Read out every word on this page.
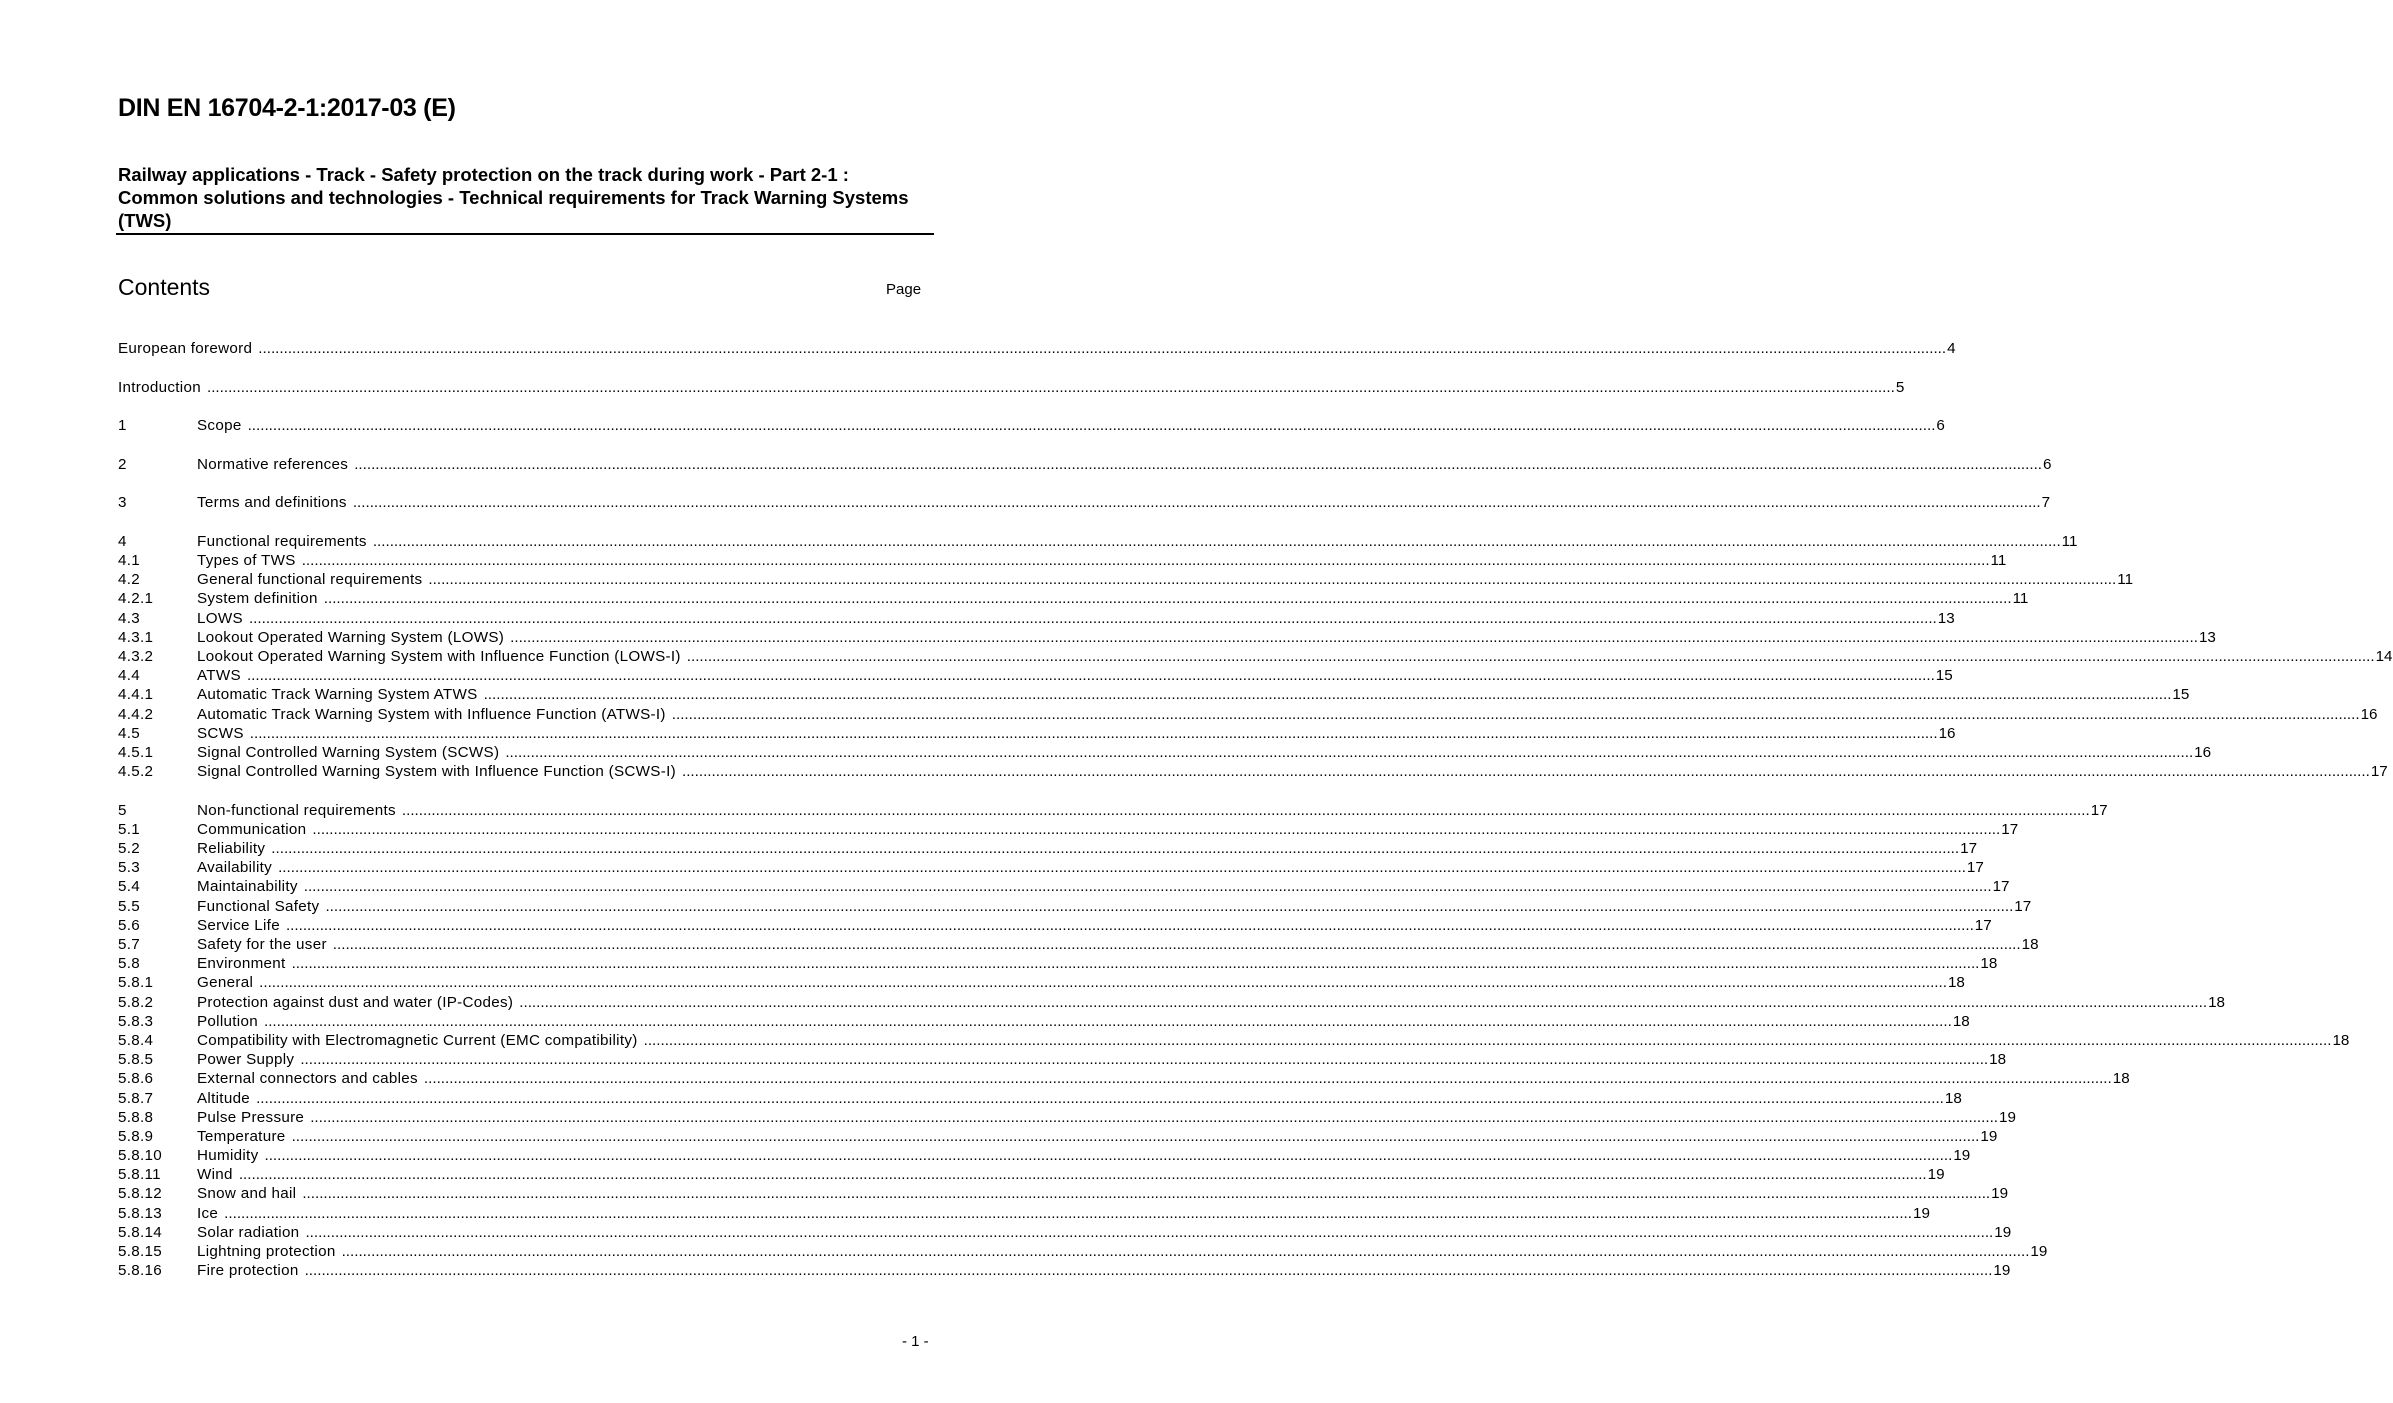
DIN EN 16704-2-1:2017-03 (E)
Railway applications - Track - Safety protection on the track during work - Part 2-1 : Common solutions and technologies - Technical requirements for Track Warning Systems (TWS)
Contents	Page
European foreword ................................................................................................................................................................................................................................................................................................................................................................................................................ 4
Introduction ................................................................................................................................................................................................................................................................................................................................................................................................................ 5
1	Scope ................................................................................................................................................................................................................................................................................................................................................................................................................ 6
2	Normative references ................................................................................................................................................................................................................................................................................................................................................................................................................ 6
3	Terms and definitions ................................................................................................................................................................................................................................................................................................................................................................................................................ 7
4	Functional requirements ................................................................................................................................................................................................................................................................................................................................................................................................................ 11
4.1	Types of TWS ................................................................................................................................................................................................................................................................................................................................................................................................................ 11
4.2	General functional requirements ................................................................................................................................................................................................................................................................................................................................................................................................................ 11
4.2.1	System definition ................................................................................................................................................................................................................................................................................................................................................................................................................ 11
4.3	LOWS ................................................................................................................................................................................................................................................................................................................................................................................................................ 13
4.3.1	Lookout Operated Warning System (LOWS) ................................................................................................................................................................................................................................................................................................................................................................................................................ 13
4.3.2	Lookout Operated Warning System with Influence Function (LOWS-I) ................................................................................................................................................................................................................................................................................................................................................................................................................ 14
4.4	ATWS ................................................................................................................................................................................................................................................................................................................................................................................................................ 15
4.4.1	Automatic Track Warning System ATWS ................................................................................................................................................................................................................................................................................................................................................................................................................ 15
4.4.2	Automatic Track Warning System with Influence Function (ATWS-I) ................................................................................................................................................................................................................................................................................................................................................................................................................ 16
4.5	SCWS ................................................................................................................................................................................................................................................................................................................................................................................................................ 16
4.5.1	Signal Controlled Warning System (SCWS) ................................................................................................................................................................................................................................................................................................................................................................................................................ 16
4.5.2	Signal Controlled Warning System with Influence Function (SCWS-I) ................................................................................................................................................................................................................................................................................................................................................................................................................ 17
5	Non-functional requirements ................................................................................................................................................................................................................................................................................................................................................................................................................ 17
5.1	Communication ................................................................................................................................................................................................................................................................................................................................................................................................................ 17
5.2	Reliability ................................................................................................................................................................................................................................................................................................................................................................................................................ 17
5.3	Availability ................................................................................................................................................................................................................................................................................................................................................................................................................ 17
5.4	Maintainability ................................................................................................................................................................................................................................................................................................................................................................................................................ 17
5.5	Functional Safety ................................................................................................................................................................................................................................................................................................................................................................................................................ 17
5.6	Service Life ................................................................................................................................................................................................................................................................................................................................................................................................................ 17
5.7	Safety for the user ................................................................................................................................................................................................................................................................................................................................................................................................................ 18
5.8	Environment ................................................................................................................................................................................................................................................................................................................................................................................................................ 18
5.8.1	General ................................................................................................................................................................................................................................................................................................................................................................................................................ 18
5.8.2	Protection against dust and water (IP-Codes) ................................................................................................................................................................................................................................................................................................................................................................................................................ 18
5.8.3	Pollution ................................................................................................................................................................................................................................................................................................................................................................................................................ 18
5.8.4	Compatibility with Electromagnetic Current (EMC compatibility) ................................................................................................................................................................................................................................................................................................................................................................................................................ 18
5.8.5	Power Supply ................................................................................................................................................................................................................................................................................................................................................................................................................ 18
5.8.6	External connectors and cables ................................................................................................................................................................................................................................................................................................................................................................................................................ 18
5.8.7	Altitude ................................................................................................................................................................................................................................................................................................................................................................................................................ 18
5.8.8	Pulse Pressure ................................................................................................................................................................................................................................................................................................................................................................................................................ 19
5.8.9	Temperature ................................................................................................................................................................................................................................................................................................................................................................................................................ 19
5.8.10	Humidity ................................................................................................................................................................................................................................................................................................................................................................................................................ 19
5.8.11	Wind ................................................................................................................................................................................................................................................................................................................................................................................................................ 19
5.8.12	Snow and hail ................................................................................................................................................................................................................................................................................................................................................................................................................ 19
5.8.13	Ice ................................................................................................................................................................................................................................................................................................................................................................................................................ 19
5.8.14	Solar radiation ................................................................................................................................................................................................................................................................................................................................................................................................................ 19
5.8.15	Lightning protection ................................................................................................................................................................................................................................................................................................................................................................................................................ 19
5.8.16	Fire protection ................................................................................................................................................................................................................................................................................................................................................................................................................ 19
- 1 -
